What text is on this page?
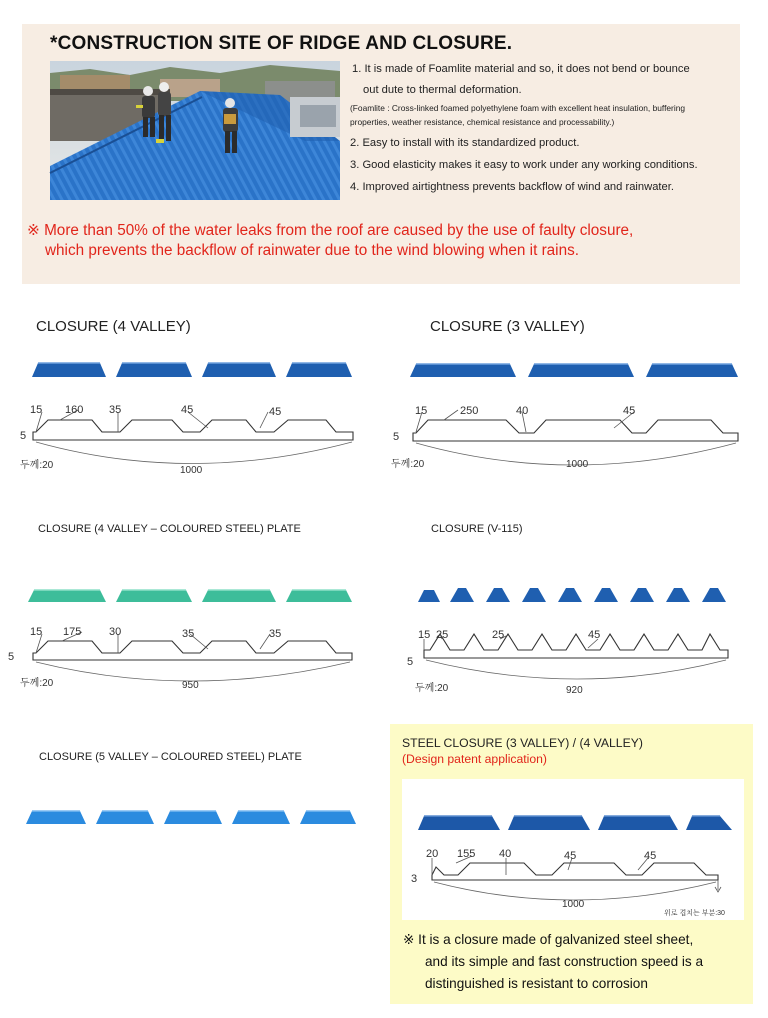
*CONSTRUCTION SITE OF RIDGE AND CLOSURE.
1. It is made of Foamlite material and so, it does not bend or bounce
out dute to thermal deformation.
(Foamlite : Cross-linked foamed polyethylene foam with excellent heat insulation, buffering
properties, weather resistance, chemical resistance and processability.)
2. Easy to install with its standardized product.
3. Good elasticity makes it easy to work under any working conditions.
4. Improved airtightness prevents backflow of wind and rainwater.
※ More than 50% of the water leaks from the roof are caused by the use of faulty closure,
which prevents the backflow of rainwater due to the wind blowing when it rains.
CLOSURE (4 VALLEY)
15 160 35	45	45
5
두께:20	1000
CLOSURE (3 VALLEY)
15	250	40	45
5
두께:20	1000
CLOSURE (4 VALLEY – COLOURED STEEL) PLATE
15 175	30	35	35
5
두께:20	950
CLOSURE (V-115)
15 25	25	45
5
두께:20	920
CLOSURE (5 VALLEY – COLOURED STEEL) PLATE
STEEL CLOSURE (3 VALLEY) / (4 VALLEY)
(Design patent application)
20 155 40	45	45
3
1000
위로 겹치는 부분:30
※ It is a closure made of galvanized steel sheet,
and its simple and fast construction speed is a
distinguished is resistant to corrosion
